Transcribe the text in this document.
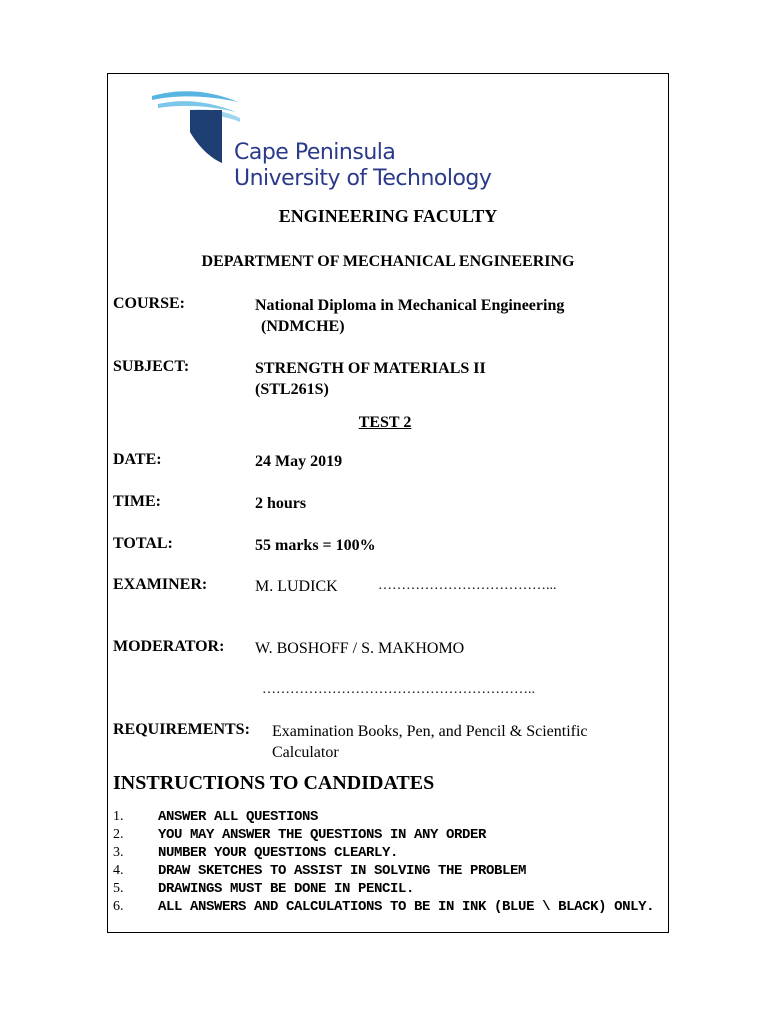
Cape Peninsula
University of Technology
ENGINEERING FACULTY
DEPARTMENT OF MECHANICAL ENGINEERING
COURSE:	National Diploma in Mechanical Engineering
(NDMCHE)
SUBJECT:	STRENGTH OF MATERIALS II
(STL261S)
TEST 2
DATE:	24 May 2019
TIME:	2 hours
TOTAL:	55 marks = 100%
EXAMINER:	M. LUDICK	………………………………...
MODERATOR: W. BOSHOFF / S. MAKHOMO
…………………………………………………..
REQUIREMENTS: Examination Books, Pen, and Pencil & Scientific
Calculator
INSTRUCTIONS TO CANDIDATES
1. ANSWER ALL QUESTIONS
2. YOU MAY ANSWER THE QUESTIONS IN ANY ORDER
3. NUMBER YOUR QUESTIONS CLEARLY.
4. DRAW SKETCHES TO ASSIST IN SOLVING THE PROBLEM
5. DRAWINGS MUST BE DONE IN PENCIL.
6. ALL ANSWERS AND CALCULATIONS TO BE IN INK (BLUE \ BLACK) ONLY.
